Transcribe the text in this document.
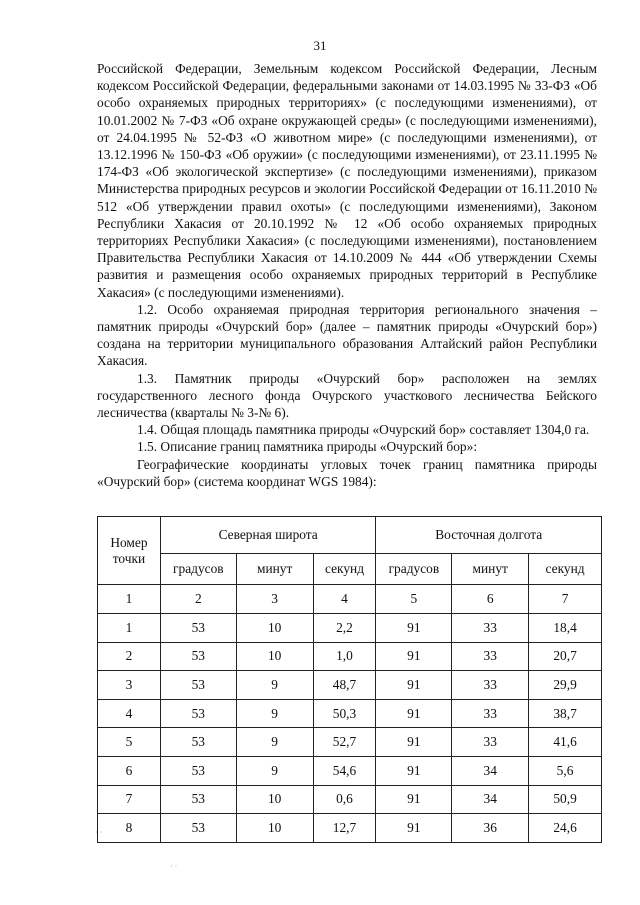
31

Российской Федерации, Земельным кодексом Российской Федерации, Лесным кодексом Российской Федерации, федеральными законами от 14.03.1995 № 33-ФЗ «Об особо охраняемых природных территориях» (с последующими изменениями), от 10.01.2002 № 7-ФЗ «Об охране окружающей среды» (с последующими изменениями), от 24.04.1995 № 52-ФЗ «О животном мире» (с последующими изменениями), от 13.12.1996 № 150-ФЗ «Об оружии» (с последующими изменениями), от 23.11.1995 № 174-ФЗ «Об экологической экспертизе» (с последующими изменениями), приказом Министерства природных ресурсов и экологии Российской Федерации от 16.11.2010 № 512 «Об утверждении правил охоты» (с последующими изменениями), Законом Республики Хакасия от 20.10.1992 № 12 «Об особо охраняемых природных территориях Республики Хакасия» (с последующими изменениями), постановлением Правительства Республики Хакасия от 14.10.2009 № 444 «Об утверждении Схемы развития и размещения особо охраняемых природных территорий в Республике Хакасия» (с последующими изменениями).

1.2. Особо охраняемая природная территория регионального значения – памятник природы «Очурский бор» (далее – памятник природы «Очурский бор») создана на территории муниципального образования Алтайский район Республики Хакасия.

1.3. Памятник природы «Очурский бор» расположен на землях государственного лесного фонда Очурского участкового лесничества Бейского лесничества (кварталы № 3-№ 6).

1.4. Общая площадь памятника природы «Очурский бор» составляет 1304,0 га.

1.5. Описание границ памятника природы «Очурский бор»:

Географические координаты угловых точек границ памятника природы «Очурский бор» (система координат WGS 1984):

Номер точки	Северная широта			Восточная долгота		
	градусов	минут	секунд	градусов	минут	секунд
1	2	3	4	5	6	7
1	53	10	2,2	91	33	18,4
2	53	10	1,0	91	33	20,7
3	53	9	48,7	91	33	29,9
4	53	9	50,3	91	33	38,7
5	53	9	52,7	91	33	41,6
6	53	9	54,6	91	34	5,6
7	53	10	0,6	91	34	50,9
8	53	10	12,7	91	36	24,6
· ·
· ·
